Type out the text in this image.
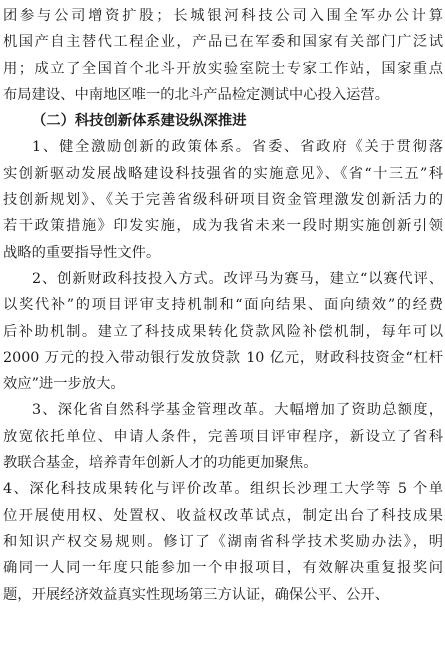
团参与公司增资扩股；长城银河科技公司入围全军办公计算
机国产自主替代工程企业，产品已在军委和国家有关部门广泛试
用；成立了全国首个北斗开放实验室院士专家工作站，国家重点
布局建设、中南地区唯一的北斗产品检定测试中心投入运营。
（二）科技创新体系建设纵深推进
1、健全激励创新的政策体系。省委、省政府《关于贯彻落
实创新驱动发展战略建设科技强省的实施意见》、《省“十三五”科
技创新规划》、《关于完善省级科研项目资金管理激发创新活力的
若干政策措施》印发实施，成为我省未来一段时期实施创新引领
战略的重要指导性文件。
2、创新财政科技投入方式。改评马为赛马，建立“以赛代评、
以奖代补”的项目评审支持机制和“面向结果、面向绩效”的经费
后补助机制。建立了科技成果转化贷款风险补偿机制，每年可以
2000 万元的投入带动银行发放贷款 10 亿元，财政科技资金“杠杆
效应”进一步放大。
3、深化省自然科学基金管理改革。大幅增加了资助总额度，
放宽依托单位、申请人条件，完善项目评审程序，新设立了省科
教联合基金，培养青年创新人才的功能更加聚焦。
4、深化科技成果转化与评价改革。组织长沙理工大学等 5 个单
位开展使用权、处置权、收益权改革试点，制定出台了科技成果
和知识产权交易规则。修订了《湖南省科学技术奖励办法》，明
确同一人同一年度只能参加一个申报项目，有效解决重复报奖问
题，开展经济效益真实性现场第三方认证，确保公平、公开、
